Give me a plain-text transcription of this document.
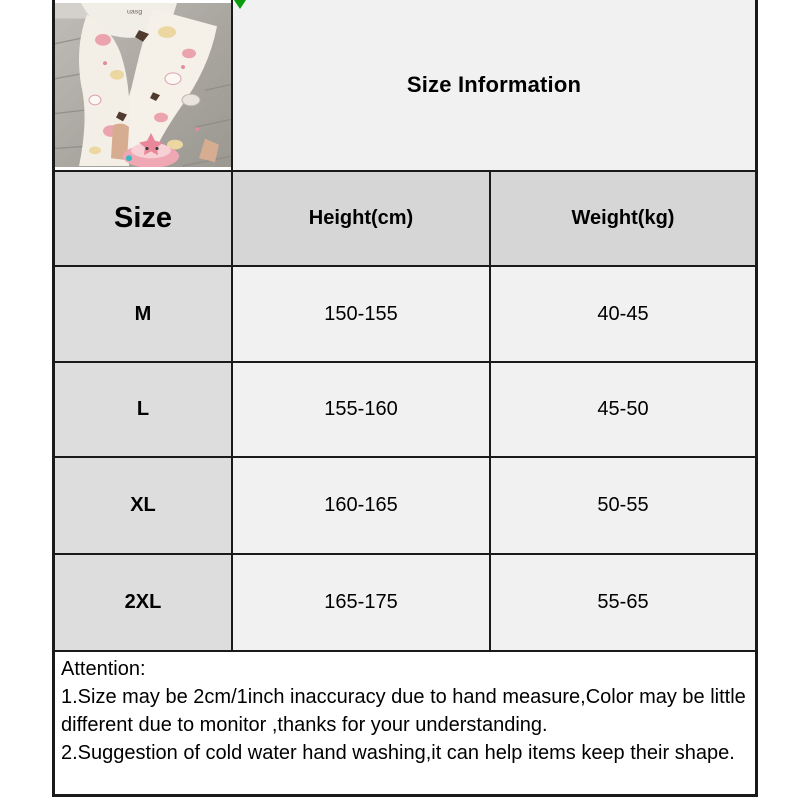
uasg
Size Information
Size	Height(cm)	Weight(kg)
M	150-155	40-45
L	155-160	45-50
XL	160-165	50-55
2XL	165-175	55-65
Attention:
1.Size may be 2cm/1inch inaccuracy due to hand measure,Color may be little
different due to monitor ,thanks for your understanding.
2.Suggestion of cold water hand washing,it can help items keep their shape.
